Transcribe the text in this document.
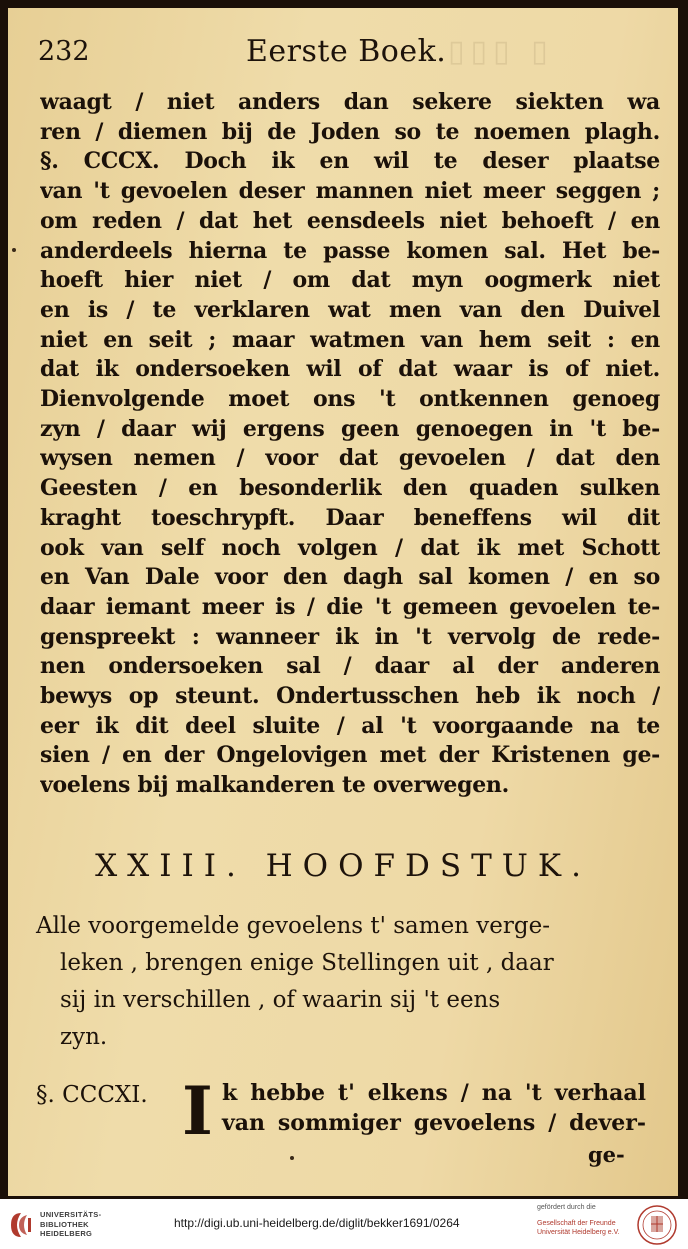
▯▯▯ ▯
232	Eerste Boek.
waagt / niet anders dan sekere siekten wa
ren / diemen bij de Joden so te noemen plagh.
§. CCCX. Doch ik en wil te deser plaatse
van 't gevoelen deser mannen niet meer seggen ;
om reden / dat het eensdeels niet behoeft / en
anderdeels hierna te passe komen sal. Het be-
hoeft hier niet / om dat myn oogmerk niet
en is / te verklaren wat men van den Duivel
niet en seit ; maar watmen van hem seit : en
dat ik ondersoeken wil of dat waar is of niet.
Dienvolgende moet ons 't ontkennen genoeg
zyn / daar wij ergens geen genoegen in 't be-
wysen nemen / voor dat gevoelen / dat den
Geesten / en besonderlik den quaden sulken
kraght toeschrypft. Daar beneffens wil dit
ook van self noch volgen / dat ik met Schott
en Van Dale voor den dagh sal komen / en so
daar iemant meer is / die 't gemeen gevoelen te-
genspreekt : wanneer ik in 't vervolg de rede-
nen ondersoeken sal / daar al der anderen
bewys op steunt. Ondertusschen heb ik noch /
eer ik dit deel sluite / al 't voorgaande na te
sien / en der Ongelovigen met der Kristenen ge-
voelens bij malkanderen te overwegen.
XXIII. HOOFDSTUK.
Alle voorgemelde gevoelens t' samen verge-
leken , brengen enige Stellingen uit , daar
sij in verschillen , of waarin sij 't eens
zyn.
§. CCCXI. I k hebbe t' elkens / na 't verhaal
van sommiger gevoelens / dever-
ge-
UNIVERSITÄTS-
BIBLIOTHEK
HEIDELBERG
http://digi.ub.uni-heidelberg.de/diglit/bekker1691/0264
gefördert durch die
Gesellschaft der Freunde
Universität Heidelberg e.V.
